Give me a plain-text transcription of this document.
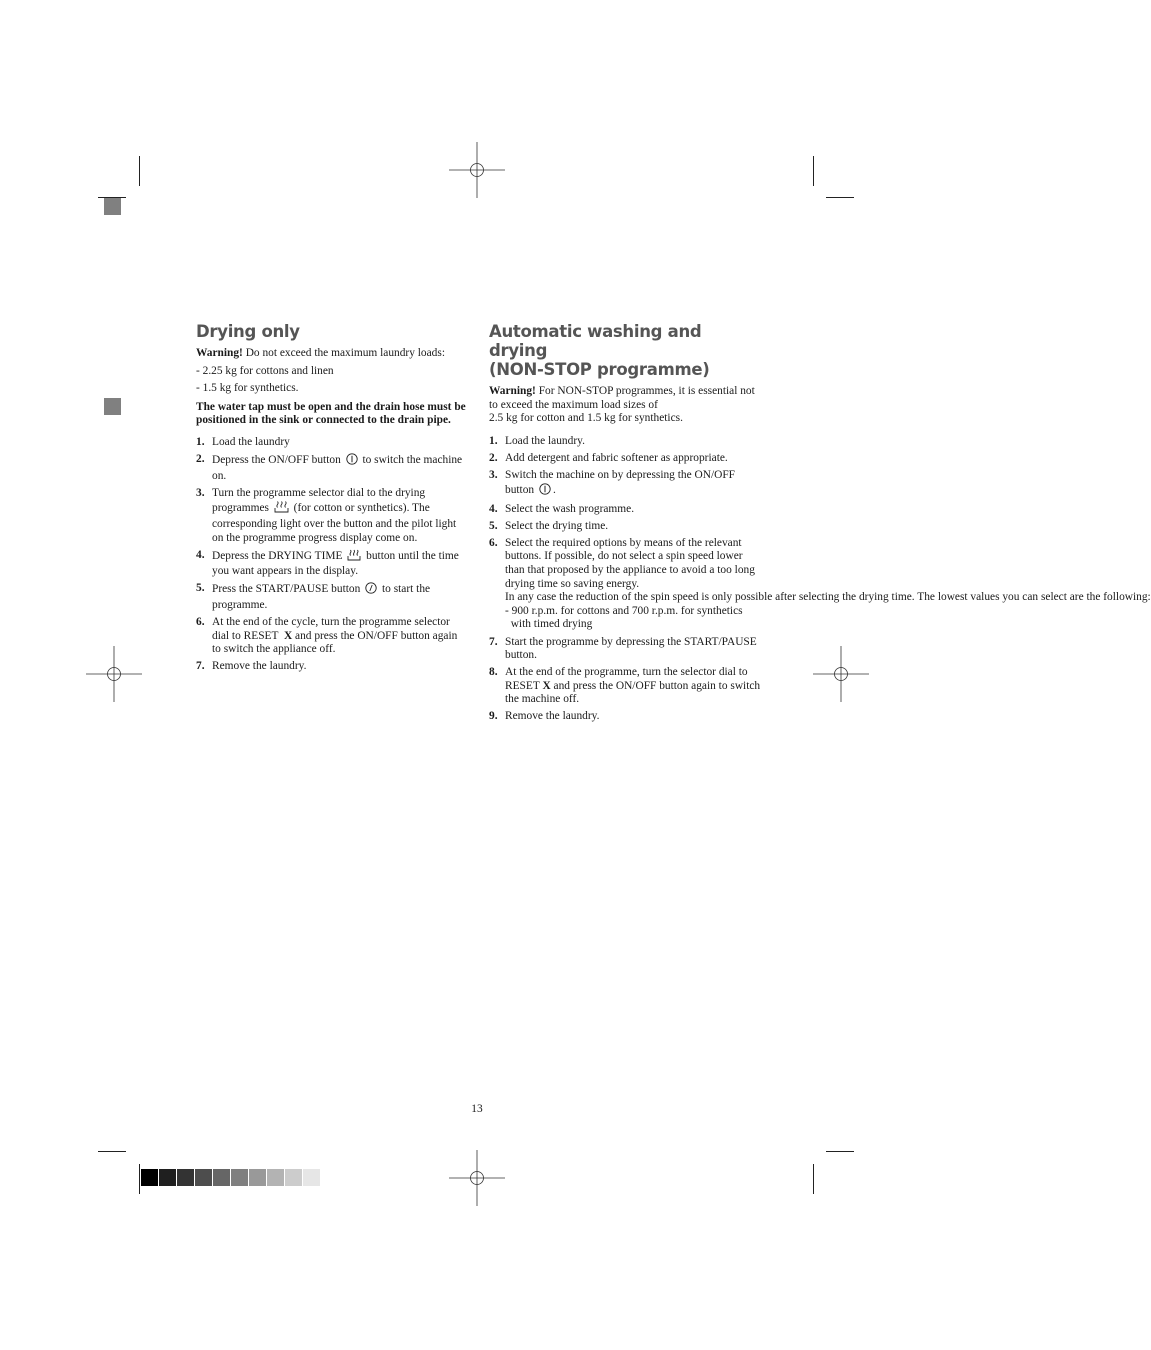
Drying only

Warning! Do not exceed the maximum laundry loads:

- 2.25 kg for cottons and linen

- 1.5 kg for synthetics.

The water tap must be open and the drain hose must be positioned in the sink or connected to the drain pipe.

1. Load the laundry
2. Depress the ON/OFF button  to switch the machine on.
3. Turn the programme selector dial to the drying programmes  (for cotton or synthetics). The corresponding light over the button and the pilot light on the programme progress display come on.
4. Depress the DRYING TIME  button until the time you want appears in the display.
5. Press the START/PAUSE button  to start the programme.
6. At the end of the cycle, turn the programme selector dial to RESET  X and press the ON/OFF button again to switch the appliance off.
7. Remove the laundry.
Automatic washing and drying
(NON-STOP programme)

Warning! For NON-STOP programmes, it is essential not to exceed the maximum load sizes of
2.5 kg for cotton and 1.5 kg for synthetics.

1. Load the laundry.
2. Add detergent and fabric softener as appropriate.
3. Switch the machine on by depressing the ON/OFF button .
4. Select the wash programme.
5. Select the drying time.
6. Select the required options by means of the relevant buttons. If possible, do not select a spin speed lower than that proposed by the appliance to avoid a too long drying time so saving energy.
In any case the reduction of the spin speed is only possible after selecting the drying time. The lowest values you can select are the following:
- 900 r.p.m. for cottons and 700 r.p.m. for synthetics
with timed drying
7. Start the programme by depressing the START/PAUSE button.
8. At the end of the programme, turn the selector dial to RESET X and press the ON/OFF button again to switch the machine off.
9. Remove the laundry.
13
